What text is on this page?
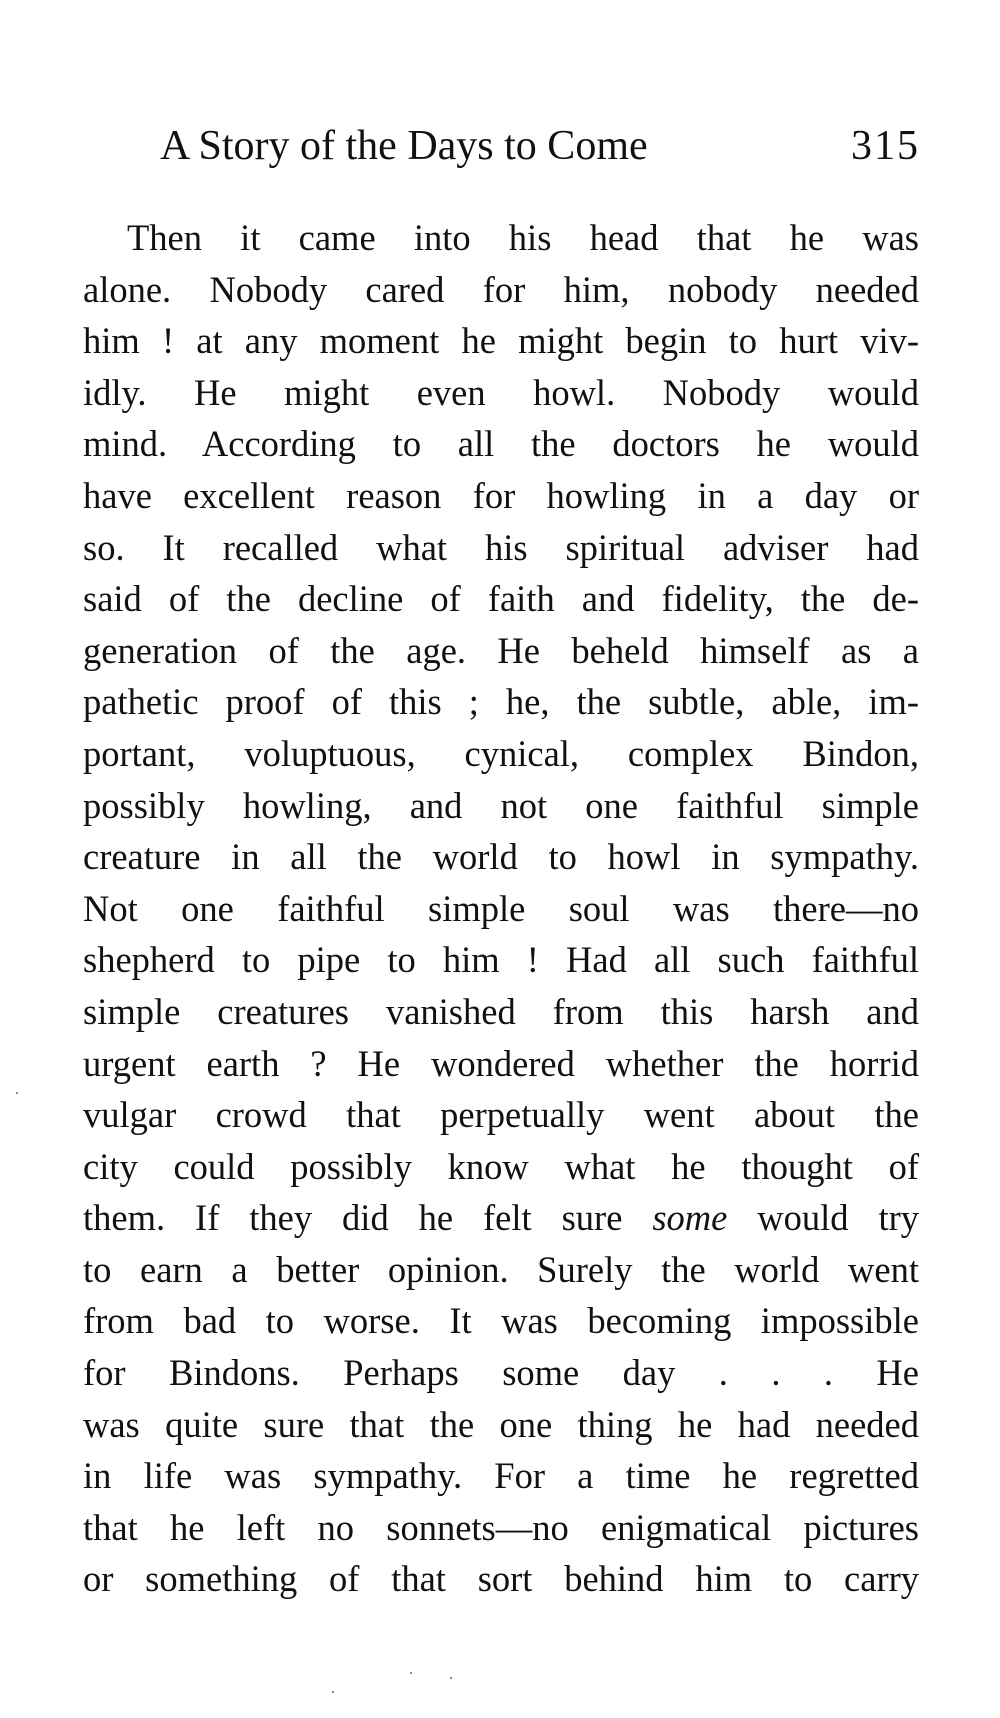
A Story of the Days to Come	315
Then it came into his head that he was
alone. Nobody cared for him, nobody needed
him ! at any moment he might begin to hurt viv-
idly. He might even howl. Nobody would
mind. According to all the doctors he would
have excellent reason for howling in a day or
so. It recalled what his spiritual adviser had
said of the decline of faith and fidelity, the de-
generation of the age. He beheld himself as a
pathetic proof of this ; he, the subtle, able, im-
portant, voluptuous, cynical, complex Bindon,
possibly howling, and not one faithful simple
creature in all the world to howl in sympathy.
Not one faithful simple soul was there—no
shepherd to pipe to him ! Had all such faithful
simple creatures vanished from this harsh and
urgent earth ? He wondered whether the horrid
vulgar crowd that perpetually went about the
city could possibly know what he thought of
them. If they did he felt sure some would try
to earn a better opinion. Surely the world went
from bad to worse. It was becoming impossible
for Bindons. Perhaps some day . . . He
was quite sure that the one thing he had needed
in life was sympathy. For a time he regretted
that he left no sonnets—no enigmatical pictures
or something of that sort behind him to carry
